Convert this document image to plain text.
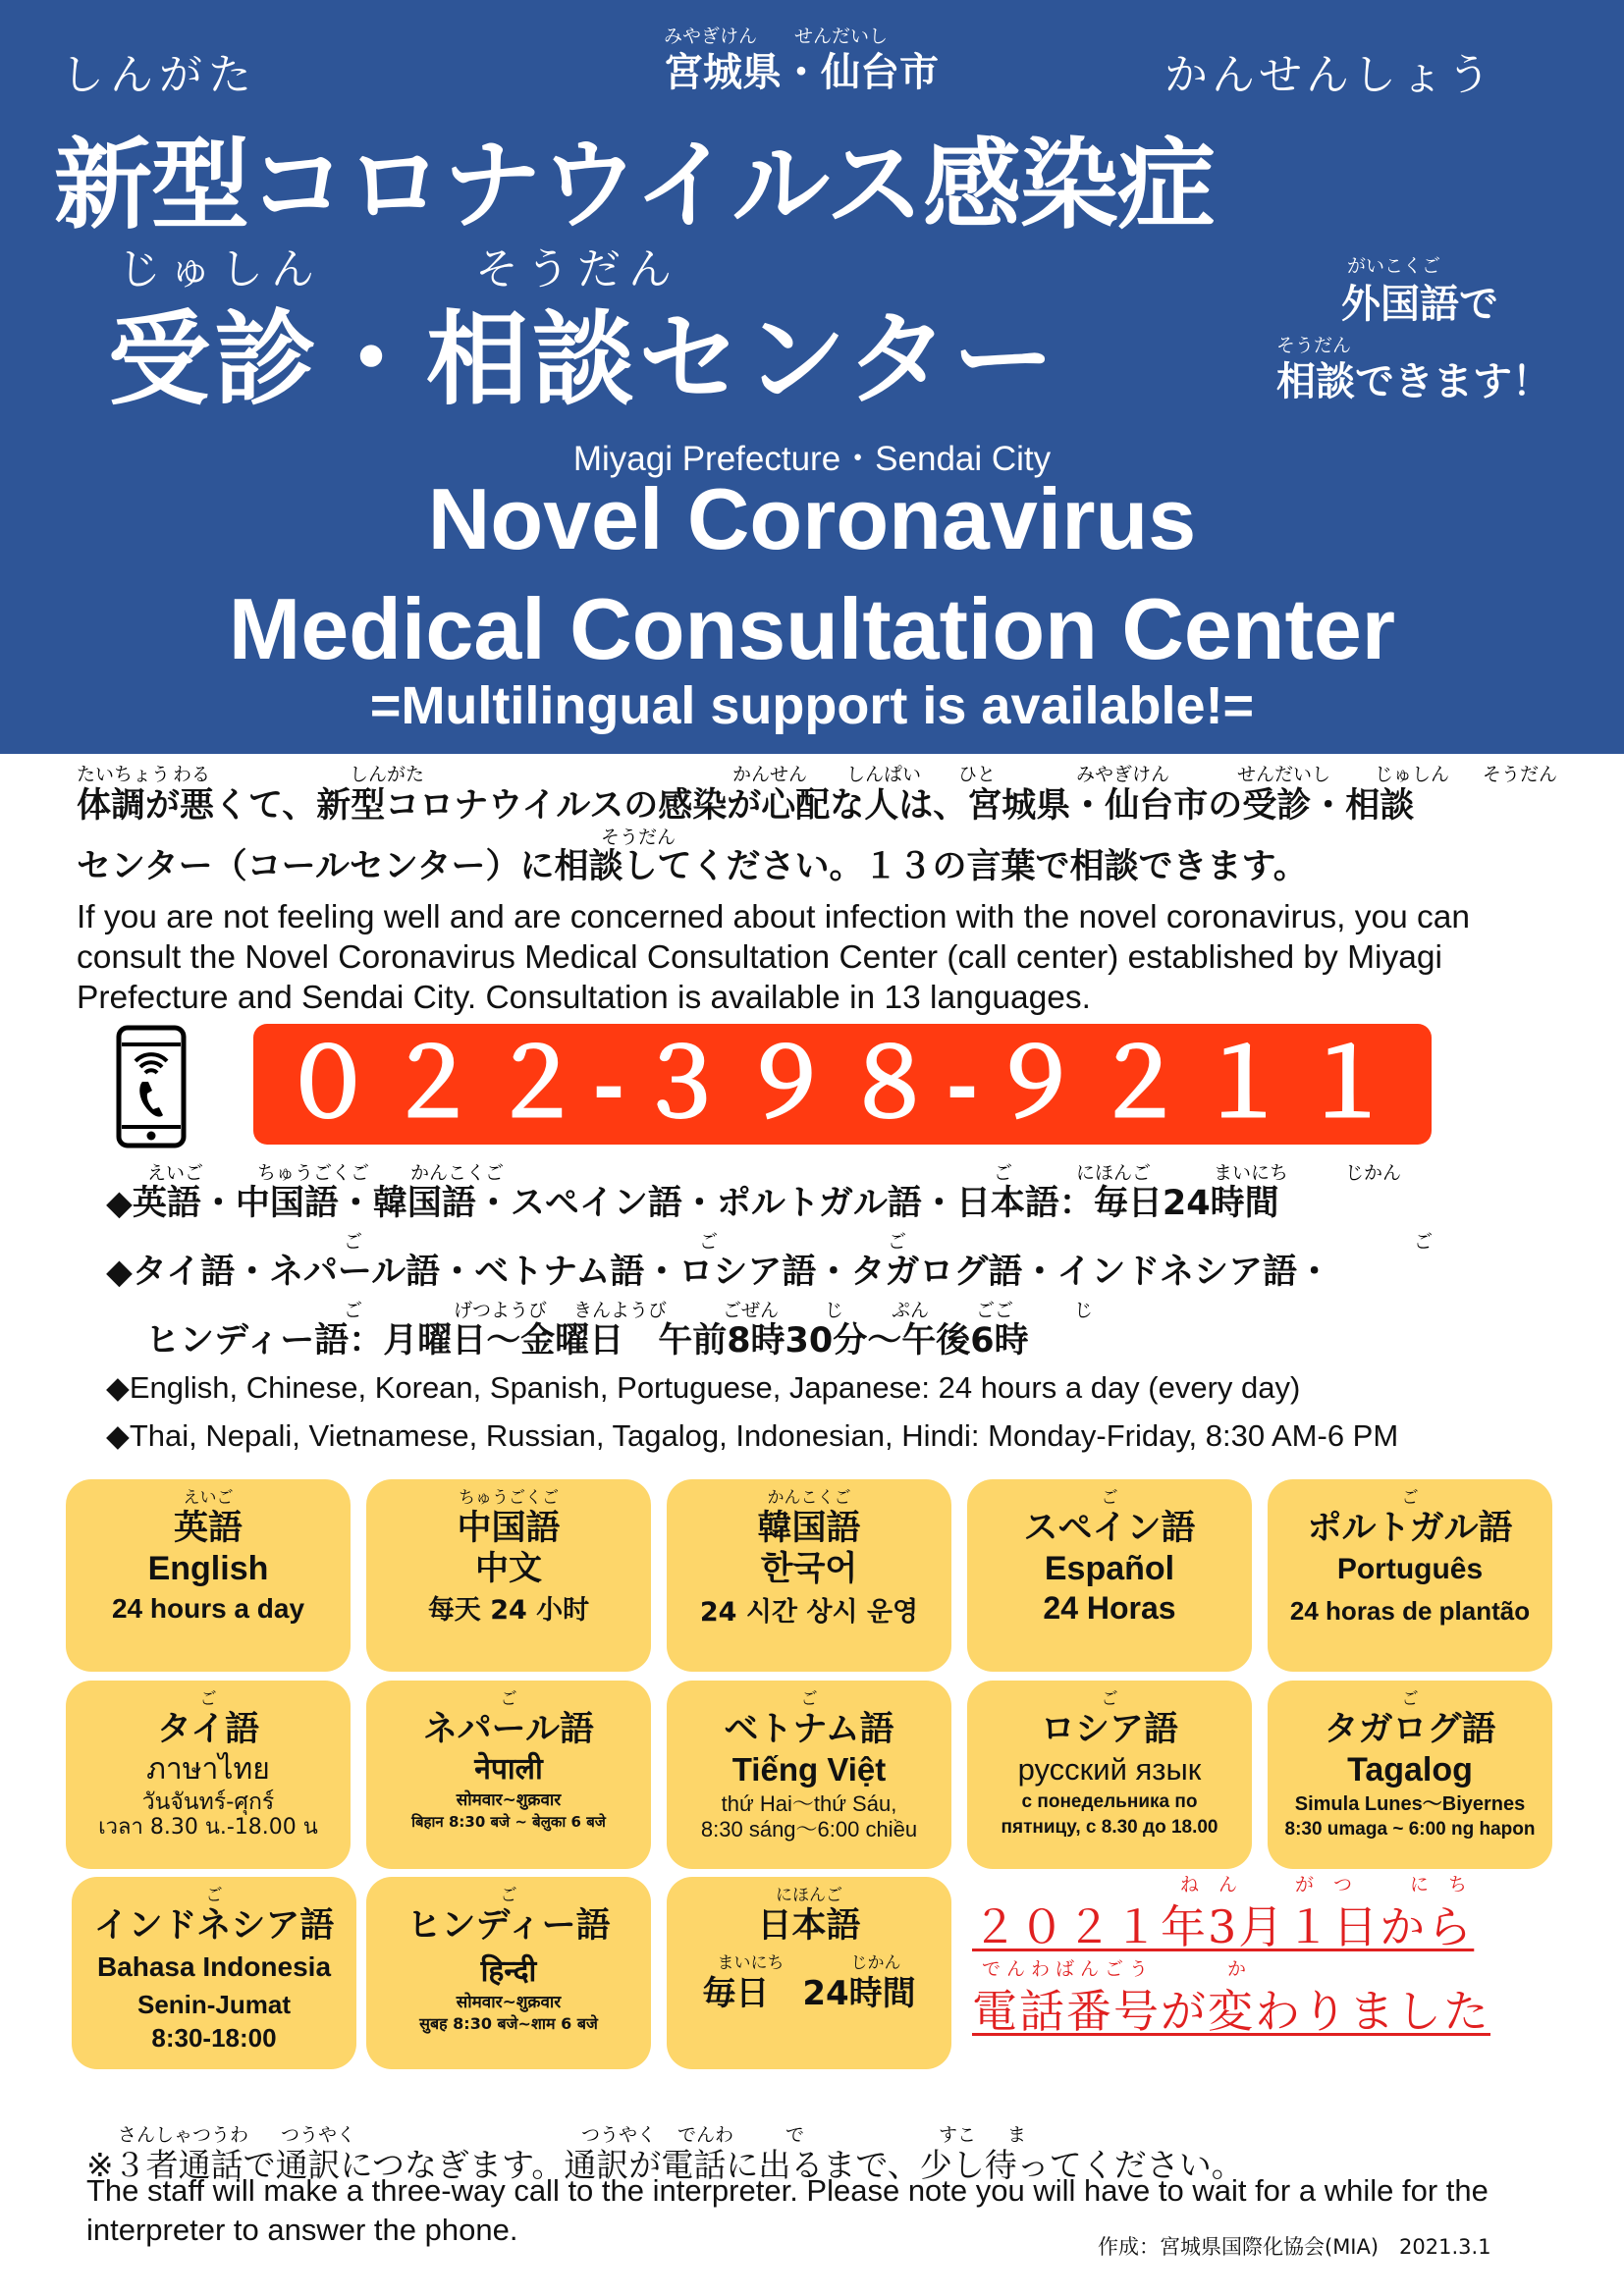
しんがた	かんせんしょう
みやぎけん　　せんだいし
宮城県・仙台市
新型コロナウイルス感染症
じゅしん　　　そうだん
受診・相談センター
がいこくご
外国語で
そうだん
相談できます！
Miyagi Prefecture・Sendai City
Novel Coronavirus
Medical Consultation Center
=Multilingual support is available!=
たいちょう わる	しんがた	かんせん しんぱい ひと	みやぎけん	せんだいし じゅしん そうだん
体調が悪くて、新型コロナウイルスの感染が心配な人は、宮城県・仙台市の受診・相談
そうだん
センター（コールセンター）に相談してください。１３の言葉で相談できます。
If you are not feeling well and are concerned about infection with the novel coronavirus, you can consult the Novel Coronavirus Medical Consultation Center (call center) established by Miyagi Prefecture and Sendai City. Consultation is available in 13 languages.
０２２-３９８-９２１１
えいご	ちゅうごくご かんこくご	ご	にほんご	まいにち	じかん
◆英語・中国語・韓国語・スペイン語・ポルトガル語・日本語：毎日24時間
ご	ご	ご	ご
◆タイ語・ネパール語・ベトナム語・ロシア語・タガログ語・インドネシア語・
ご	げつようび きんようび	ごぜん じ	ぷん	ごご	じ
ヒンディー語：月曜日～金曜日　午前8時30分～午後6時
◆English, Chinese, Korean, Spanish, Portuguese, Japanese: 24 hours a day (every day)
◆Thai, Nepali, Vietnamese, Russian, Tagalog, Indonesian, Hindi: Monday‐Friday, 8:30 AM‐6 PM
えいご
英語
English
24 hours a day
ちゅうごくご
中国語
中文
每天 24 小时
かんこくご
韓国語
한국어
24 시간 상시 운영
ご
スペイン語
Español
24 Horas
ご
ポルトガル語
Português
24 horas de plantão
ご
タイ語
ภาษาไทย
วันจันทร์-ศุกร์
เวลา 8.30 น.-18.00 น
ご
ネパール語
नेपाली
सोमवार~शुक्रवार
बिहान 8:30 बजे ~ बेलुका 6 बजे
ご
ベトナム語
Tiếng Việt
thứ Hai～thứ Sáu,
8:30 sáng～6:00 chiều
ご
ロシア語
русский язык
с понедельника по
пятницу, с 8.30 до 18.00
ご
タガログ語
Tagalog
Simula Lunes～Biyernes
8:30 umaga ~ 6:00 ng hapon
ご
インドネシア語
Bahasa Indonesia
Senin-Jumat
8:30-18:00
ご
ヒンディー語
हिन्दी
सोमवार~शुक्रवार
सुबह 8:30 बजे~शाम 6 बजे
にほんご
日本語
まいにち　　　　じかん
毎日　24時間
ねん　がつ　にち
２０２１年3月１日から
でんわばんごう　　　か
電話番号が変わりました
さんしゃつうわ つうやく	つうやく でんわ	で	すこ ま
※３者通話で通訳につなぎます。通訳が電話に出るまで、少し待ってください。
The staff will make a three-way call to the interpreter. Please note you will have to wait for a while for the interpreter to answer the phone.	作成：宮城県国際化協会(MIA)　2021.3.1
